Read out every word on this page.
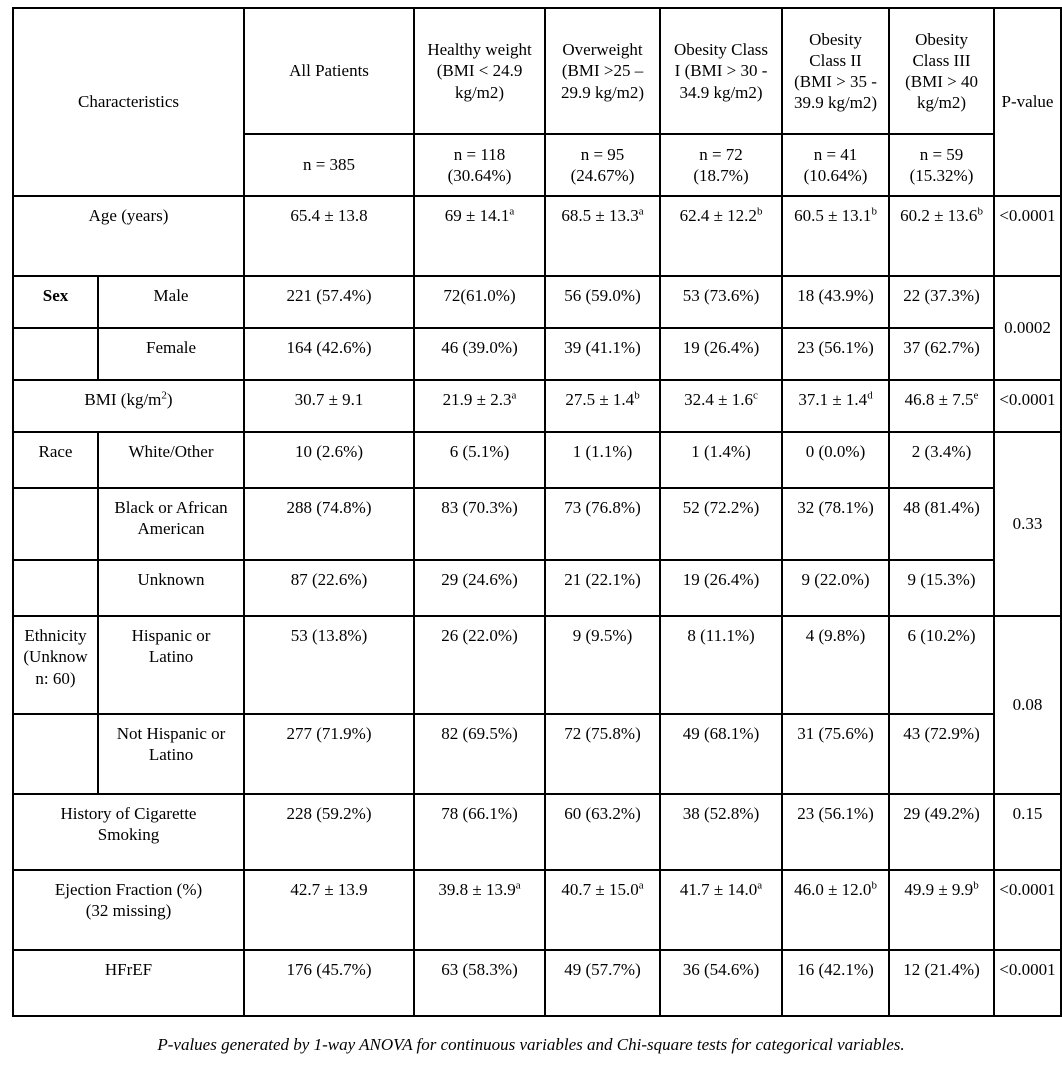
Characteristics		All Patients	Healthy weight
(BMI < 24.9
kg/m2)	Overweight
(BMI >25 –
29.9 kg/m2)	Obesity Class
I (BMI > 30 -
34.9 kg/m2)	Obesity
Class II
(BMI > 35 -
39.9 kg/m2)	Obesity
Class III
(BMI > 40
kg/m2)	P-value
		n = 385	n = 118
(30.64%)	n = 95
(24.67%)	n = 72
(18.7%)	n = 41
(10.64%)	n = 59
(15.32%)	
Age (years)		65.4 ± 13.8	69 ± 14.1$^a$	68.5 ± 13.3$^a$	62.4 ± 12.2$^b$	60.5 ± 13.1$^b$	60.2 ± 13.6$^b$	<0.0001
Sex	Male	221 (57.4%)	72(61.0%)	56 (59.0%)	53 (73.6%)	18 (43.9%)	22 (37.3%)	0.0002
	Female	164 (42.6%)	46 (39.0%)	39 (41.1%)	19 (26.4%)	23 (56.1%)	37 (62.7%)	
BMI $(kg/m^2)$		30.7 ± 9.1	21.9 ± 2.3$^a$	27.5 ± 1.4$^b$	32.4 ± 1.6$^c$	37.1 ± 1.4$^d$	46.8 ± 7.5$^e$	<0.0001
Race	White/Other	10 (2.6%)	6 (5.1%)	1 (1.1%)	1 (1.4%)	0 (0.0%)	2 (3.4%)	0.33
	Black or African
American	288 (74.8%)	83 (70.3%)	73 (76.8%)	52 (72.2%)	32 (78.1%)	48 (81.4%)	
	Unknown	87 (22.6%)	29 (24.6%)	21 (22.1%)	19 (26.4%)	9 (22.0%)	9 (15.3%)	
Ethnicity
(Unknow
n: 60)	Hispanic or
Latino	53 (13.8%)	26 (22.0%)	9 (9.5%)	8 (11.1%)	4 (9.8%)	6 (10.2%)	0.08
	Not Hispanic or
Latino	277 (71.9%)	82 (69.5%)	72 (75.8%)	49 (68.1%)	31 (75.6%)	43 (72.9%)	
History of Cigarette
Smoking		228 (59.2%)	78 (66.1%)	60 (63.2%)	38 (52.8%)	23 (56.1%)	29 (49.2%)	0.15
Ejection Fraction (%)
(32 missing)		42.7 ± 13.9	39.8 ± 13.9$^a$	40.7 ± 15.0$^a$	41.7 ± 14.0$^a$	46.0 ± 12.0$^b$	49.9 ± 9.9$^b$	<0.0001
HFrEF		176 (45.7%)	63 (58.3%)	49 (57.7%)	36 (54.6%)	16 (42.1%)	12 (21.4%)	<0.0001
P-values generated by 1-way ANOVA for continuous variables and Chi-square tests for categorical variables.
